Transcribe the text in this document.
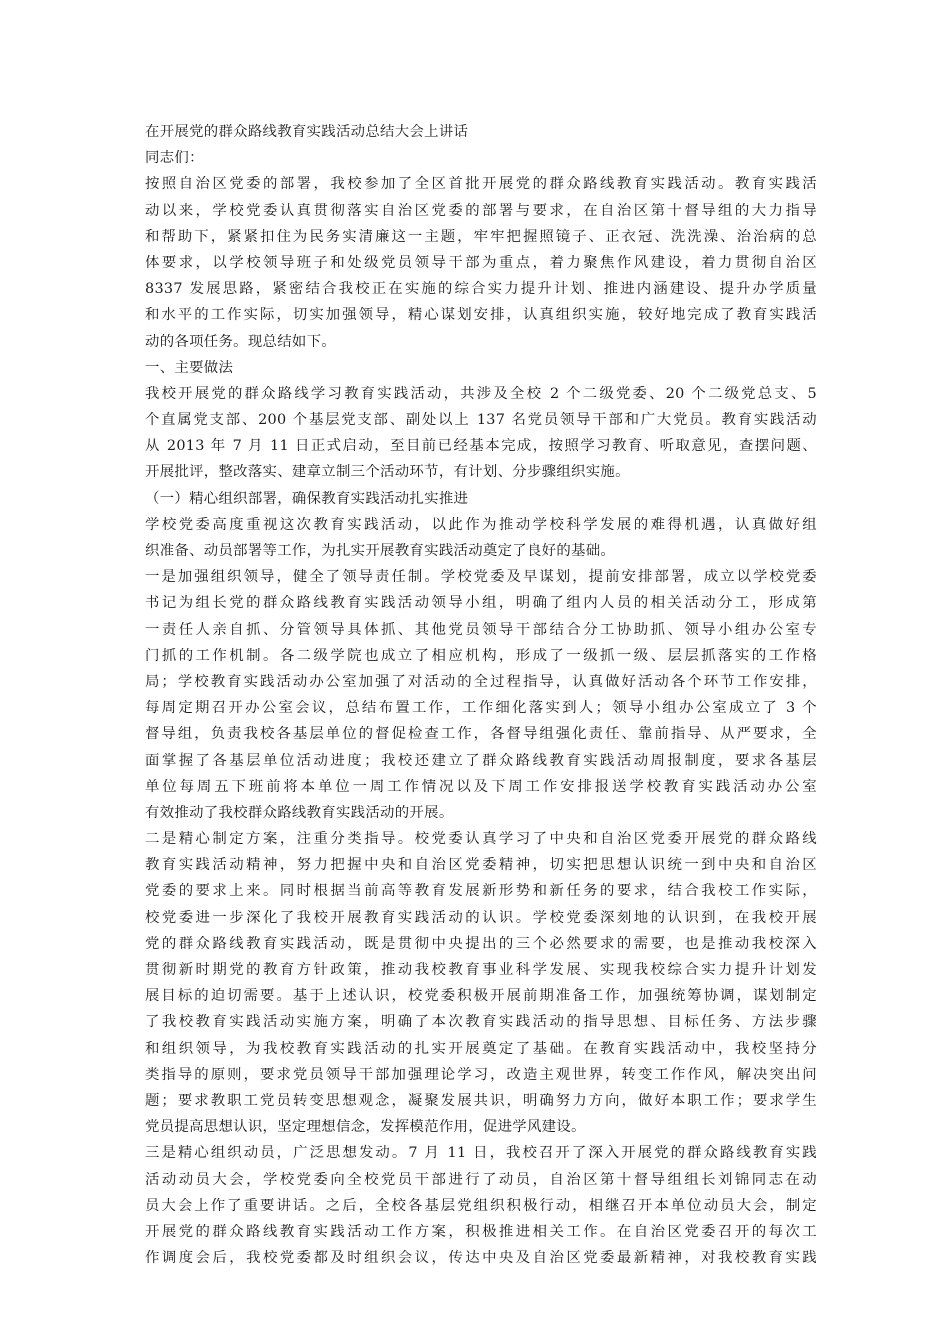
在开展党的群众路线教育实践活动总结大会上讲话
同志们：
按照自治区党委的部署，我校参加了全区首批开展党的群众路线教育实践活动。教育实践活
动以来，学校党委认真贯彻落实自治区党委的部署与要求，在自治区第十督导组的大力指导
和帮助下，紧紧扣住为民务实清廉这一主题，牢牢把握照镜子、正衣冠、洗洗澡、治治病的总
体要求，以学校领导班子和处级党员领导干部为重点，着力聚焦作风建设，着力贯彻自治区
8337 发展思路，紧密结合我校正在实施的综合实力提升计划、推进内涵建设、提升办学质量
和水平的工作实际，切实加强领导，精心谋划安排，认真组织实施，较好地完成了教育实践活
动的各项任务。现总结如下。
一、主要做法
我校开展党的群众路线学习教育实践活动，共涉及全校 2 个二级党委、20 个二级党总支、5
个直属党支部、200 个基层党支部、副处以上 137 名党员领导干部和广大党员。教育实践活动
从 2013 年 7 月 11 日正式启动，至目前已经基本完成，按照学习教育、听取意见，查摆问题、
开展批评，整改落实、建章立制三个活动环节，有计划、分步骤组织实施。
（一）精心组织部署，确保教育实践活动扎实推进
学校党委高度重视这次教育实践活动，以此作为推动学校科学发展的难得机遇，认真做好组
织准备、动员部署等工作，为扎实开展教育实践活动奠定了良好的基础。
一是加强组织领导，健全了领导责任制。学校党委及早谋划，提前安排部署，成立以学校党委
书记为组长党的群众路线教育实践活动领导小组，明确了组内人员的相关活动分工，形成第
一责任人亲自抓、分管领导具体抓、其他党员领导干部结合分工协助抓、领导小组办公室专
门抓的工作机制。各二级学院也成立了相应机构，形成了一级抓一级、层层抓落实的工作格
局；学校教育实践活动办公室加强了对活动的全过程指导，认真做好活动各个环节工作安排，
每周定期召开办公室会议，总结布置工作，工作细化落实到人；领导小组办公室成立了 3 个
督导组，负责我校各基层单位的督促检查工作，各督导组强化责任、靠前指导、从严要求，全
面掌握了各基层单位活动进度；我校还建立了群众路线教育实践活动周报制度，要求各基层
单位每周五下班前将本单位一周工作情况以及下周工作安排报送学校教育实践活动办公室
有效推动了我校群众路线教育实践活动的开展。
二是精心制定方案，注重分类指导。校党委认真学习了中央和自治区党委开展党的群众路线
教育实践活动精神，努力把握中央和自治区党委精神，切实把思想认识统一到中央和自治区
党委的要求上来。同时根据当前高等教育发展新形势和新任务的要求，结合我校工作实际，
校党委进一步深化了我校开展教育实践活动的认识。学校党委深刻地的认识到，在我校开展
党的群众路线教育实践活动，既是贯彻中央提出的三个必然要求的需要，也是推动我校深入
贯彻新时期党的教育方针政策，推动我校教育事业科学发展、实现我校综合实力提升计划发
展目标的迫切需要。基于上述认识，校党委积极开展前期准备工作，加强统筹协调，谋划制定
了我校教育实践活动实施方案，明确了本次教育实践活动的指导思想、目标任务、方法步骤
和组织领导，为我校教育实践活动的扎实开展奠定了基础。在教育实践活动中，我校坚持分
类指导的原则，要求党员领导干部加强理论学习，改造主观世界，转变工作作风，解决突出问
题；要求教职工党员转变思想观念，凝聚发展共识，明确努力方向，做好本职工作；要求学生
党员提高思想认识，坚定理想信念，发挥模范作用，促进学风建设。
三是精心组织动员，广泛思想发动。7 月 11 日，我校召开了深入开展党的群众路线教育实践
活动动员大会，学校党委向全校党员干部进行了动员，自治区第十督导组组长刘锦同志在动
员大会上作了重要讲话。之后，全校各基层党组织积极行动，相继召开本单位动员大会，制定
开展党的群众路线教育实践活动工作方案，积极推进相关工作。在自治区党委召开的每次工
作调度会后，我校党委都及时组织会议，传达中央及自治区党委最新精神，对我校教育实践
